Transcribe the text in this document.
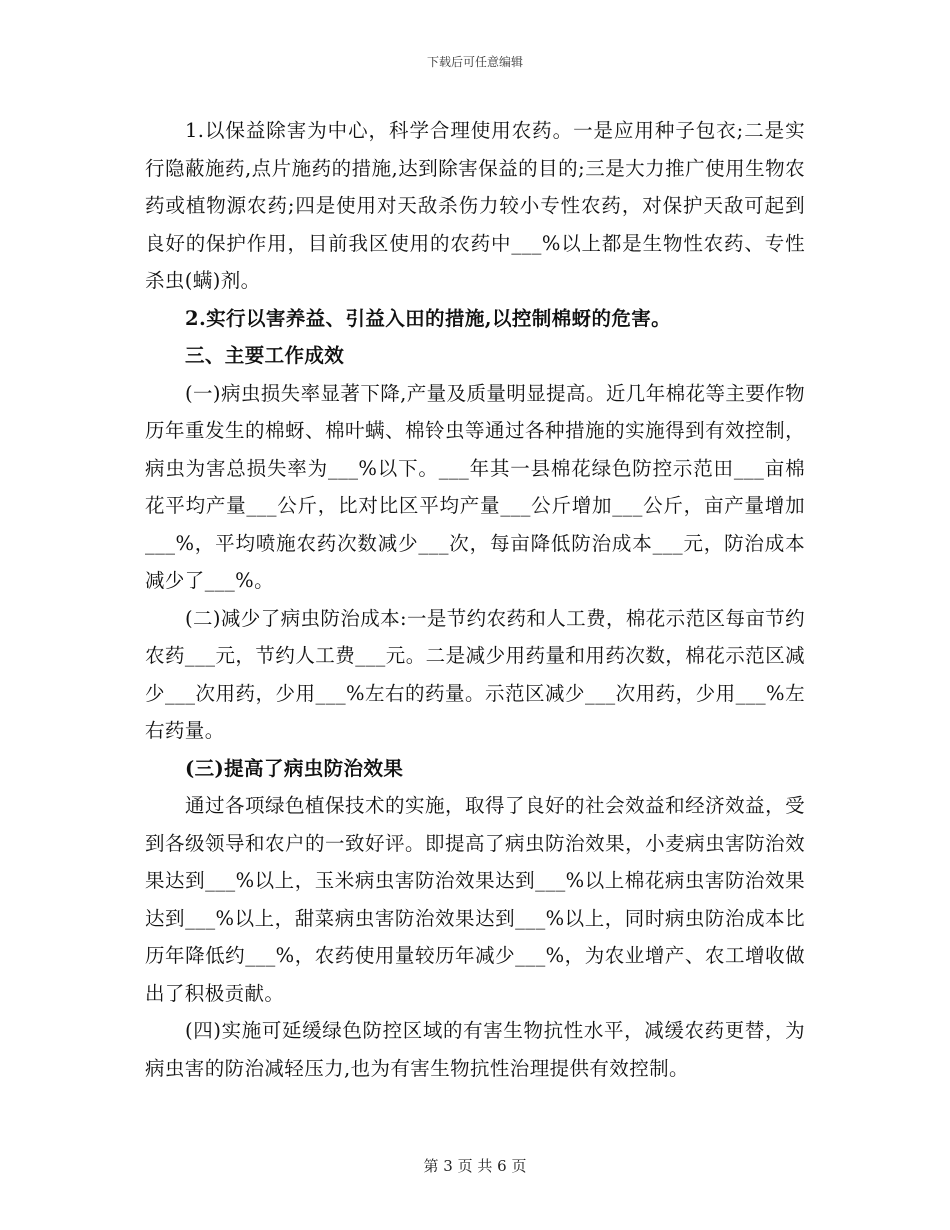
下载后可任意编辑

1.以保益除害为中心，科学合理使用农药。一是应用种子包衣;二是实行隐蔽施药,点片施药的措施,达到除害保益的目的;三是大力推广使用生物农药或植物源农药;四是使用对天敌杀伤力较小专性农药，对保护天敌可起到良好的保护作用，目前我区使用的农药中___%以上都是生物性农药、专性杀虫(螨)剂。

2.实行以害养益、引益入田的措施,以控制棉蚜的危害。

三、主要工作成效

(一)病虫损失率显著下降,产量及质量明显提高。近几年棉花等主要作物历年重发生的棉蚜、棉叶螨、棉铃虫等通过各种措施的实施得到有效控制，病虫为害总损失率为___%以下。___年其一县棉花绿色防控示范田___亩棉花平均产量___公斤，比对比区平均产量___公斤增加___公斤，亩产量增加___%，平均喷施农药次数减少___次，每亩降低防治成本___元，防治成本减少了___%。

(二)减少了病虫防治成本:一是节约农药和人工费，棉花示范区每亩节约农药___元，节约人工费___元。二是减少用药量和用药次数，棉花示范区减少___次用药，少用___%左右的药量。示范区减少___次用药，少用___%左右药量。

(三)提高了病虫防治效果

通过各项绿色植保技术的实施，取得了良好的社会效益和经济效益，受到各级领导和农户的一致好评。即提高了病虫防治效果，小麦病虫害防治效果达到___%以上，玉米病虫害防治效果达到___%以上棉花病虫害防治效果达到___%以上，甜菜病虫害防治效果达到___%以上，同时病虫防治成本比历年降低约___%，农药使用量较历年减少___%，为农业增产、农工增收做出了积极贡献。

(四)实施可延缓绿色防控区域的有害生物抗性水平，减缓农药更替，为病虫害的防治减轻压力,也为有害生物抗性治理提供有效控制。

第 3 页 共 6 页
